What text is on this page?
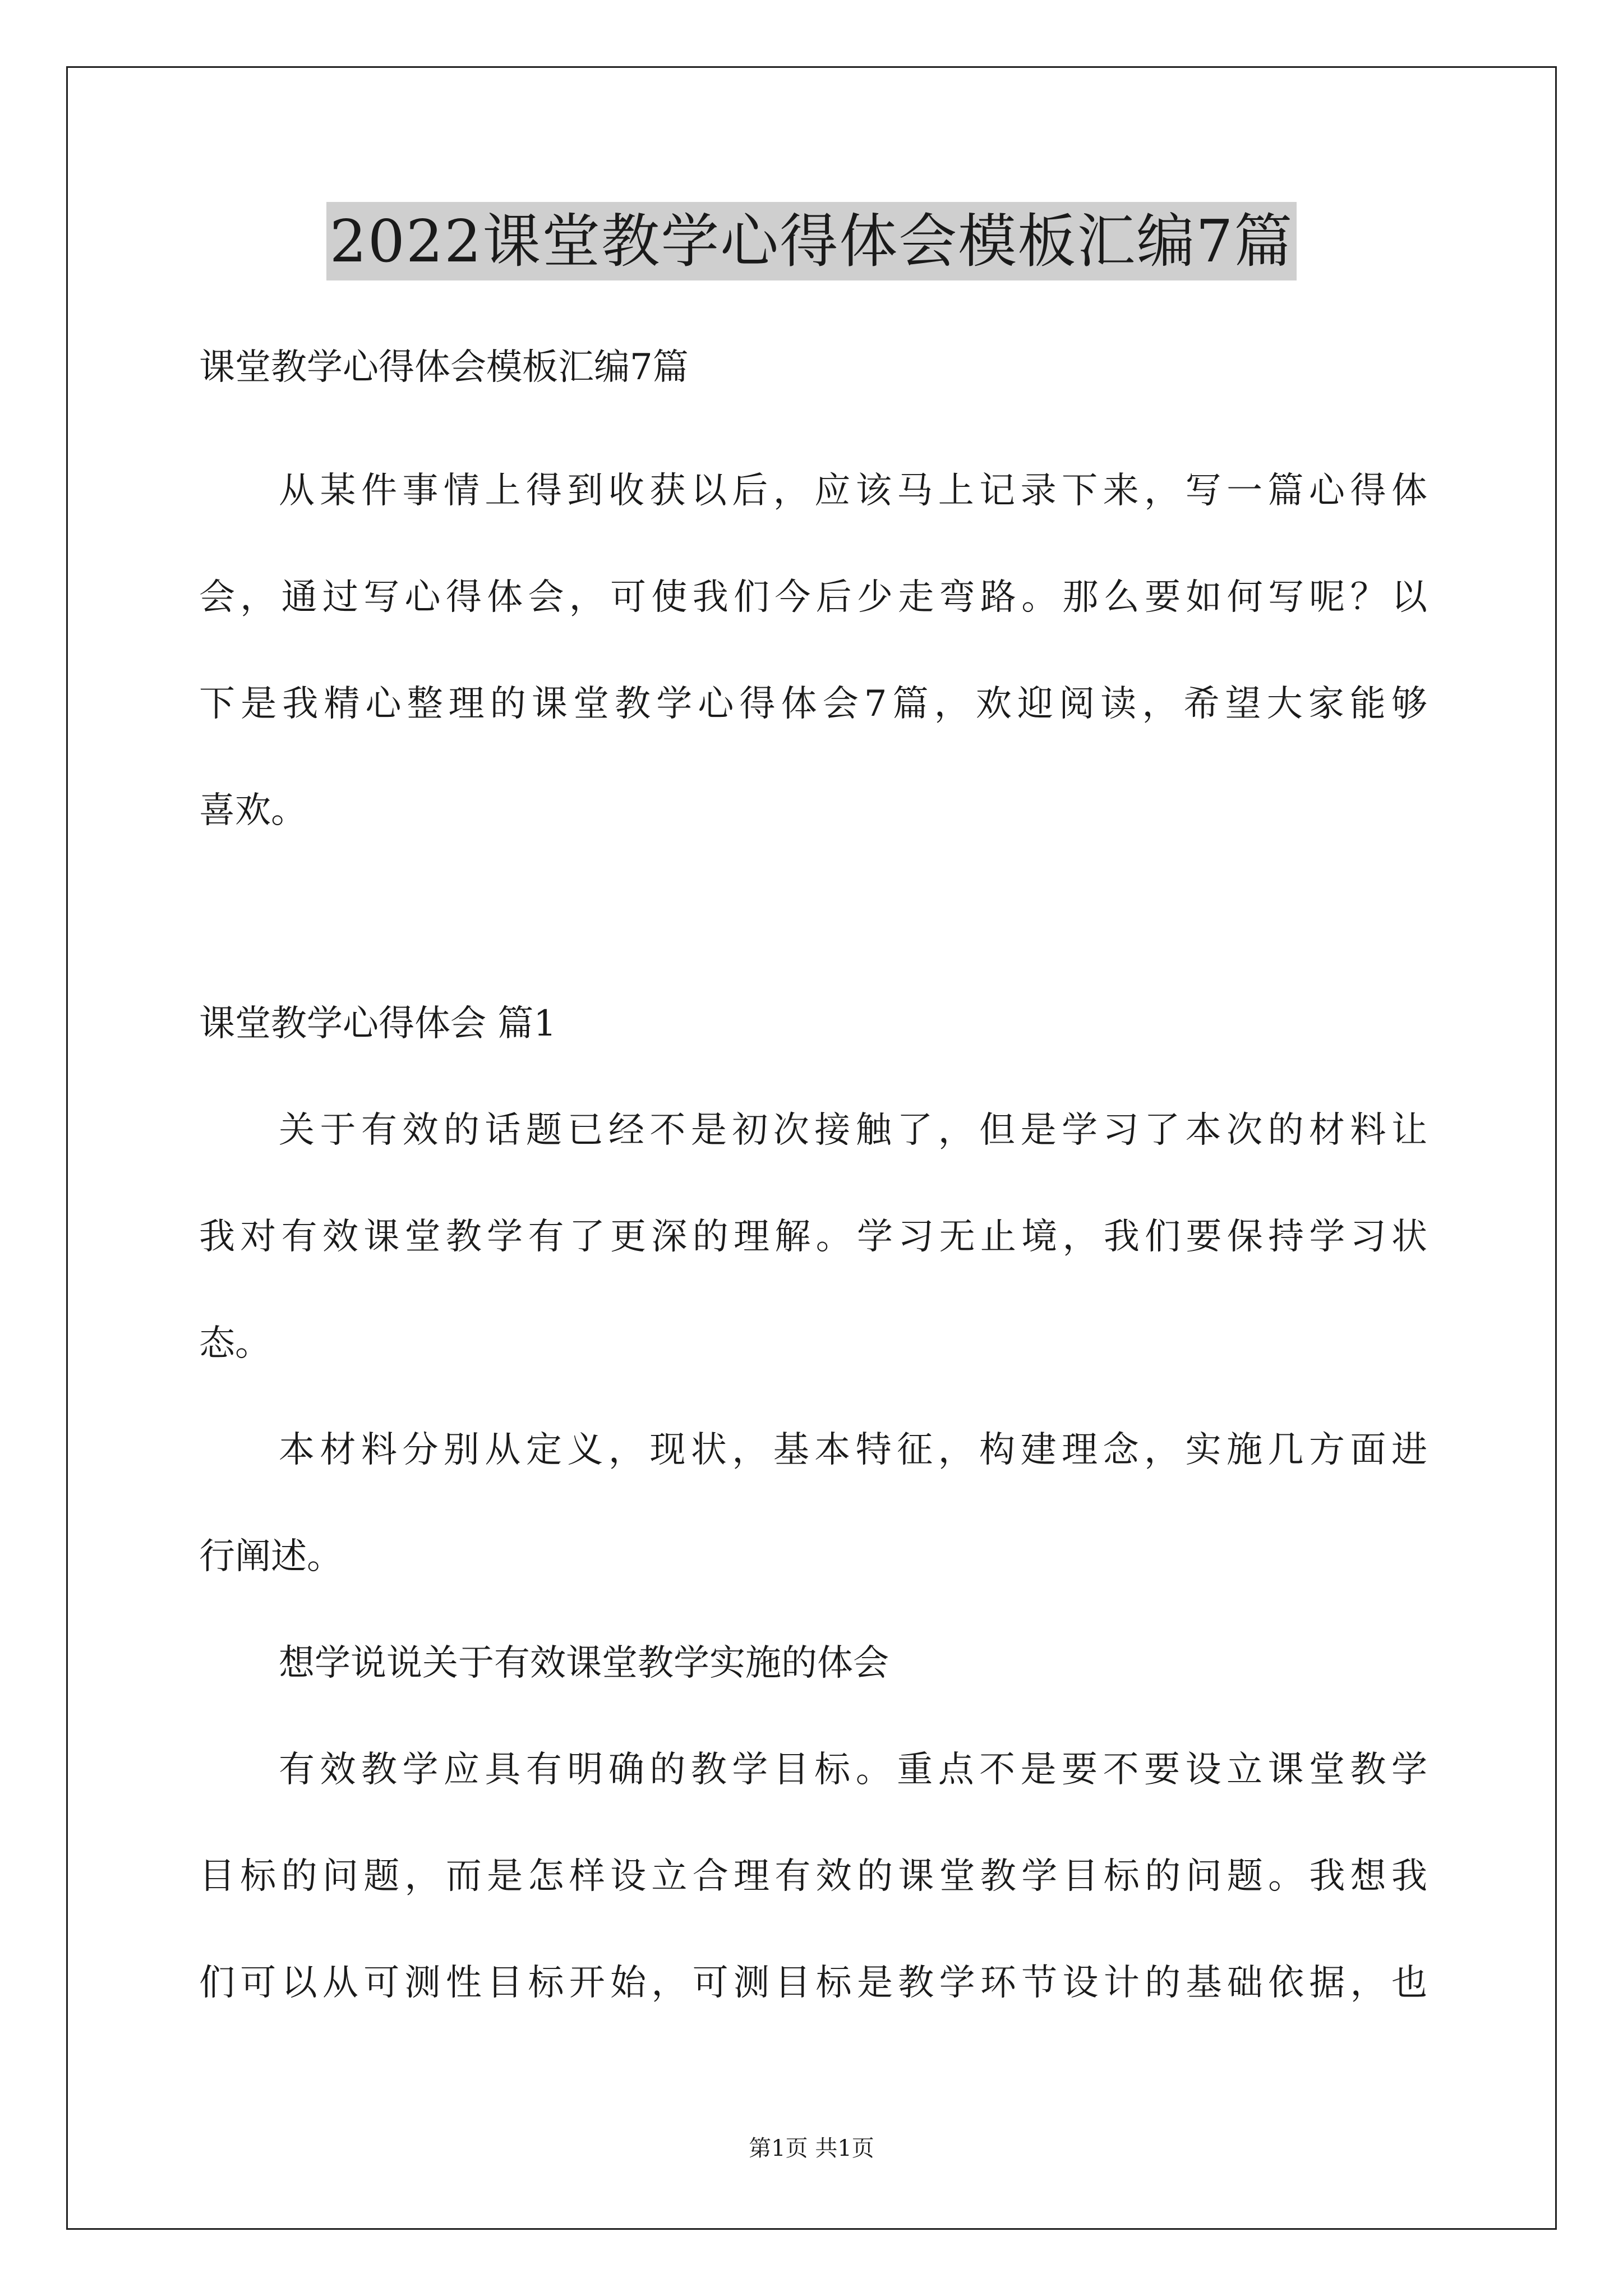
2022课堂教学心得体会模板汇编7篇
课堂教学心得体会模板汇编7篇
从某件事情上得到收获以后，应该马上记录下来，写一篇心得体
会，通过写心得体会，可使我们今后少走弯路。那么要如何写呢？以
下是我精心整理的课堂教学心得体会7篇，欢迎阅读，希望大家能够
喜欢。
课堂教学心得体会 篇1
关于有效的话题已经不是初次接触了，但是学习了本次的材料让
我对有效课堂教学有了更深的理解。学习无止境，我们要保持学习状
态。
本材料分别从定义，现状，基本特征，构建理念，实施几方面进
行阐述。
想学说说关于有效课堂教学实施的体会
有效教学应具有明确的教学目标。重点不是要不要设立课堂教学
目标的问题，而是怎样设立合理有效的课堂教学目标的问题。我想我
们可以从可测性目标开始，可测目标是教学环节设计的基础依据，也
第1页 共1页
